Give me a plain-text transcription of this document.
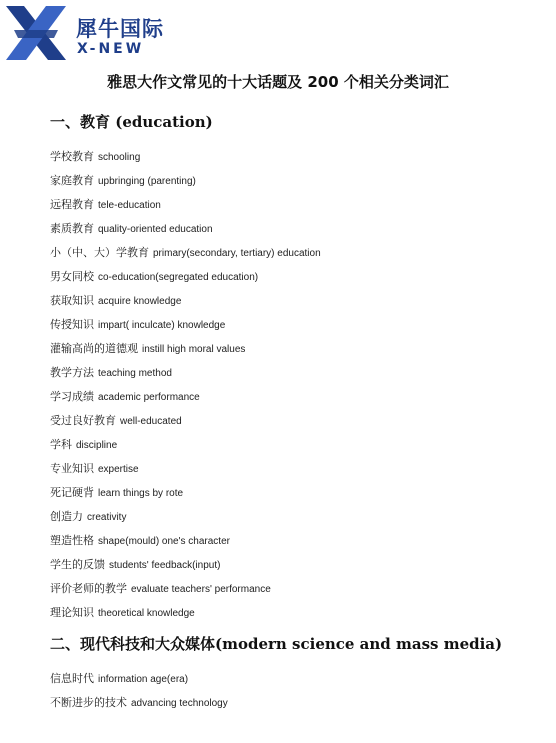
犀牛国际
X-NEW
雅思大作文常见的十大话题及 200 个相关分类词汇
一、教育 (education)
学校教育 schooling
家庭教育 upbringing (parenting)
远程教育 tele-education
素质教育 quality-oriented education
小（中、大）学教育 primary(secondary, tertiary) education
男女同校 co-education(segregated education)
获取知识 acquire knowledge
传授知识 impart( inculcate) knowledge
灌输高尚的道德观 instill high moral values
教学方法 teaching method
学习成绩 academic performance
受过良好教育 well-educated
学科 discipline
专业知识 expertise
死记硬背 learn things by rote
创造力 creativity
塑造性格 shape(mould) one's character
学生的反馈 students' feedback(input)
评价老师的教学 evaluate teachers' performance
理论知识 theoretical knowledge
二、现代科技和大众媒体(modern science and mass media)
信息时代 information age(era)
不断进步的技术 advancing technology
